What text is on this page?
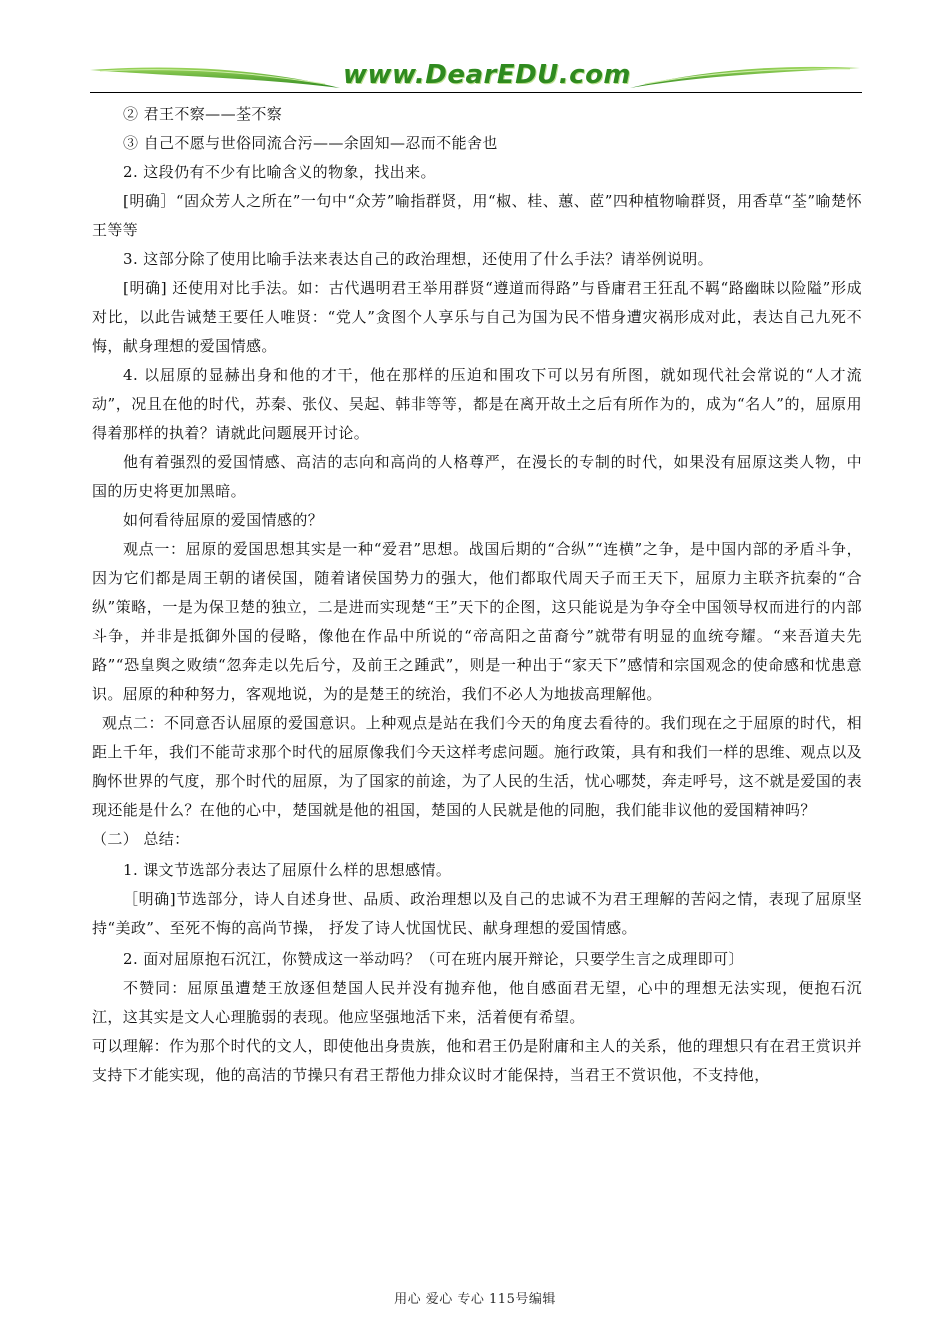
www.DearEDU.com

② 君王不察——荃不察

③ 自己不愿与世俗同流合污——余固知—忍而不能舍也

2. 这段仍有不少有比喻含义的物象，找出来。

[明确］“固众芳人之所在”一句中“众芳”喻指群贤，用“椒、桂、蕙、茝”四种植物喻群贤，用香草“荃”喻楚怀王等等

3. 这部分除了使用比喻手法来表达自己的政治理想，还使用了什么手法？请举例说明。

[明确] 还使用对比手法。如：古代遇明君王举用群贤“遵道而得路”与昏庸君王狂乱不羁“路幽昧以险隘”形成对比，以此告诫楚王要任人唯贤：“党人”贪图个人享乐与自己为国为民不惜身遭灾祸形成对此，表达自己九死不悔，献身理想的爱国情感。

4. 以屈原的显赫出身和他的才干，他在那样的压迫和围攻下可以另有所图，就如现代社会常说的“人才流动”，况且在他的时代，苏秦、张仪、吴起、韩非等等，都是在离开故土之后有所作为的，成为“名人”的，屈原用得着那样的执着？请就此问题展开讨论。

他有着强烈的爱国情感、高洁的志向和高尚的人格尊严，在漫长的专制的时代，如果没有屈原这类人物，中国的历史将更加黑暗。

如何看待屈原的爱国情感的？

观点一：屈原的爱国思想其实是一种“爱君”思想。战国后期的“合纵”“连横”之争，是中国内部的矛盾斗争，因为它们都是周王朝的诸侯国，随着诸侯国势力的强大，他们都取代周天子而王天下，屈原力主联齐抗秦的“合纵”策略，一是为保卫楚的独立，二是进而实现楚“王”天下的企图，这只能说是为争夺全中国领导权而进行的内部斗争，并非是抵御外国的侵略，像他在作品中所说的“帝高阳之苗裔兮”就带有明显的血统夸耀。“来吾道夫先路”“恐皇舆之败绩“忽奔走以先后兮，及前王之踵武”，则是一种出于“家天下”感情和宗国观念的使命感和忧患意识。屈原的种种努力，客观地说，为的是楚王的统治，我们不必人为地拔高理解他。

观点二：不同意否认屈原的爱国意识。上种观点是站在我们今天的角度去看待的。我们现在之于屈原的时代，相距上千年，我们不能苛求那个时代的屈原像我们今天这样考虑问题。施行政策，具有和我们一样的思维、观点以及胸怀世界的气度，那个时代的屈原，为了国家的前途，为了人民的生活，忧心哪焚，奔走呼号，这不就是爱国的表现还能是什么？在他的心中，楚国就是他的祖国，楚国的人民就是他的同胞，我们能非议他的爱国精神吗？

（二） 总结：

1. 课文节选部分表达了屈原什么样的思想感情。

［明确]节选部分，诗人自述身世、品质、政治理想以及自己的忠诚不为君王理解的苦闷之情，表现了屈原坚持“美政”、至死不悔的高尚节操， 抒发了诗人忧国忧民、献身理想的爱国情感。

2. 面对屈原抱石沉江，你赞成这一举动吗？（可在班内展开辩论，只要学生言之成理即可〕

不赞同：屈原虽遭楚王放逐但楚国人民并没有抛弃他，他自感面君无望，心中的理想无法实现，便抱石沉江，这其实是文人心理脆弱的表现。他应坚强地活下来，活着便有希望。

可以理解：作为那个时代的文人，即使他出身贵族，他和君王仍是附庸和主人的关系，他的理想只有在君王赏识并支持下才能实现，他的高洁的节操只有君王帮他力排众议时才能保持，当君王不赏识他，不支持他，

用心 爱心 专心 115号编辑
